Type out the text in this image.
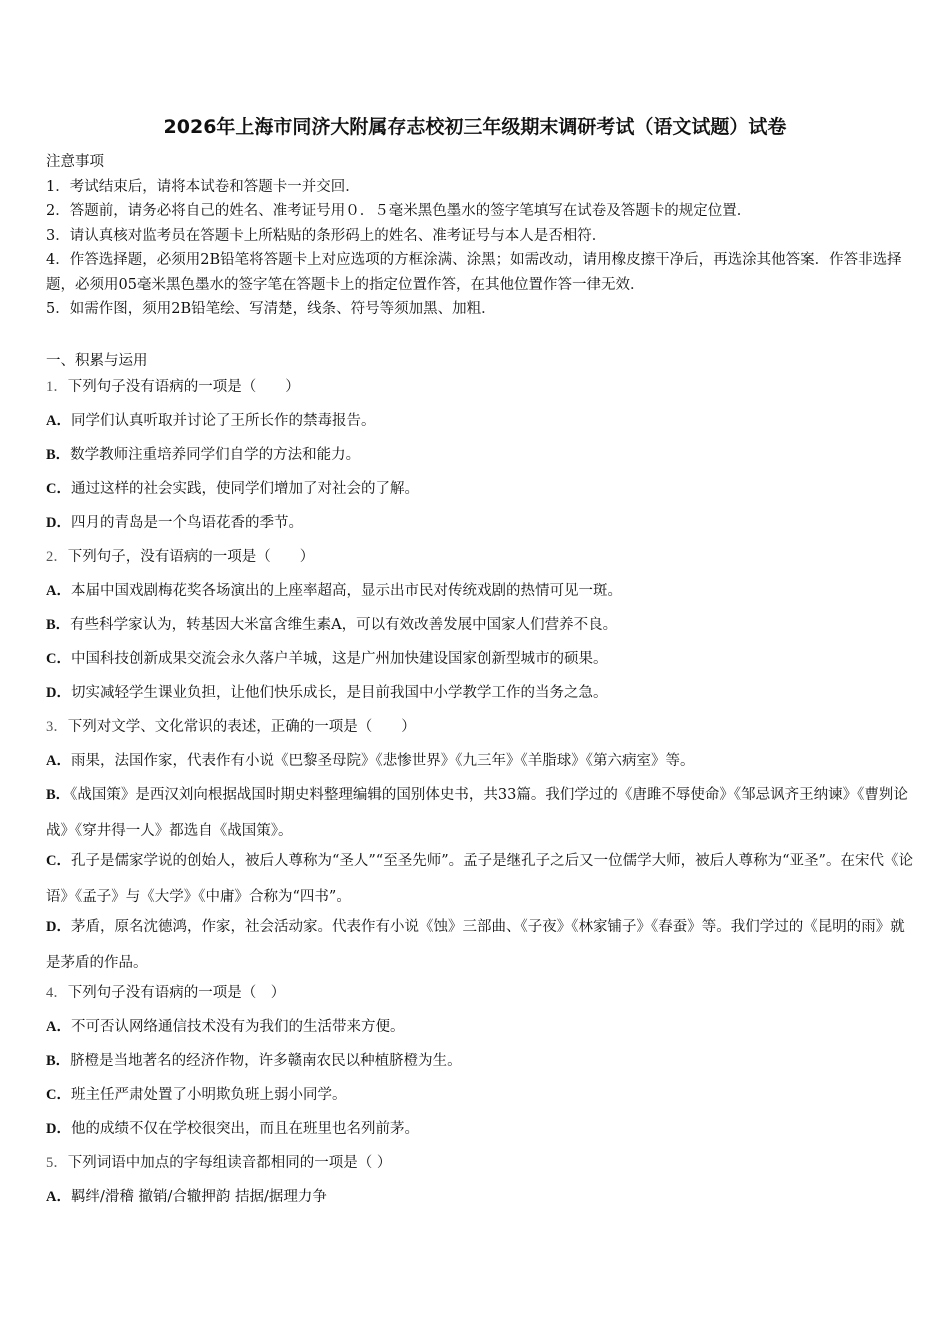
2026年上海市同济大附属存志校初三年级期末调研考试（语文试题）试卷
注意事项
1．考试结束后，请将本试卷和答题卡一并交回．
2．答题前，请务必将自己的姓名、准考证号用０．５毫米黑色墨水的签字笔填写在试卷及答题卡的规定位置．
3．请认真核对监考员在答题卡上所粘贴的条形码上的姓名、准考证号与本人是否相符．
4．作答选择题，必须用2B铅笔将答题卡上对应选项的方框涂满、涂黑；如需改动，请用橡皮擦干净后，再选涂其他答案．作答非选择题，必须用05毫米黑色墨水的签字笔在答题卡上的指定位置作答，在其他位置作答一律无效．
5．如需作图，须用2B铅笔绘、写清楚，线条、符号等须加黑、加粗．
一、积累与运用
1．下列句子没有语病的一项是（　　）
A．同学们认真听取并讨论了王所长作的禁毒报告。
B．数学教师注重培养同学们自学的方法和能力。
C．通过这样的社会实践，使同学们增加了对社会的了解。
D．四月的青岛是一个鸟语花香的季节。
2．下列句子，没有语病的一项是（　　）
A．本届中国戏剧梅花奖各场演出的上座率超高，显示出市民对传统戏剧的热情可见一斑。
B．有些科学家认为，转基因大米富含维生素A，可以有效改善发展中国家人们营养不良。
C．中国科技创新成果交流会永久落户羊城，这是广州加快建设国家创新型城市的硕果。
D．切实减轻学生课业负担，让他们快乐成长，是目前我国中小学教学工作的当务之急。
3．下列对文学、文化常识的表述，正确的一项是（　　）
A．雨果，法国作家，代表作有小说《巴黎圣母院》《悲惨世界》《九三年》《羊脂球》《第六病室》等。
B．《战国策》是西汉刘向根据战国时期史料整理编辑的国别体史书，共33篇。我们学过的《唐雎不辱使命》《邹忌讽齐王纳谏》《曹刿论战》《穿井得一人》都选自《战国策》。
C．孔子是儒家学说的创始人，被后人尊称为“圣人”“至圣先师”。孟子是继孔子之后又一位儒学大师，被后人尊称为“亚圣”。在宋代《论语》《孟子》与《大学》《中庸》合称为“四书”。
D．茅盾，原名沈德鸿，作家，社会活动家。代表作有小说《蚀》三部曲、《子夜》《林家铺子》《春蚕》等。我们学过的《昆明的雨》就是茅盾的作品。
4．下列句子没有语病的一项是（　）
A．不可否认网络通信技术没有为我们的生活带来方便。
B．脐橙是当地著名的经济作物，许多赣南农民以种植脐橙为生。
C．班主任严肃处置了小明欺负班上弱小同学。
D．他的成绩不仅在学校很突出，而且在班里也名列前茅。
5．下列词语中加点的字每组读音都相同的一项是（ ）
A．羁绊/滑稽 撤销/合辙押韵 拮据/据理力争
